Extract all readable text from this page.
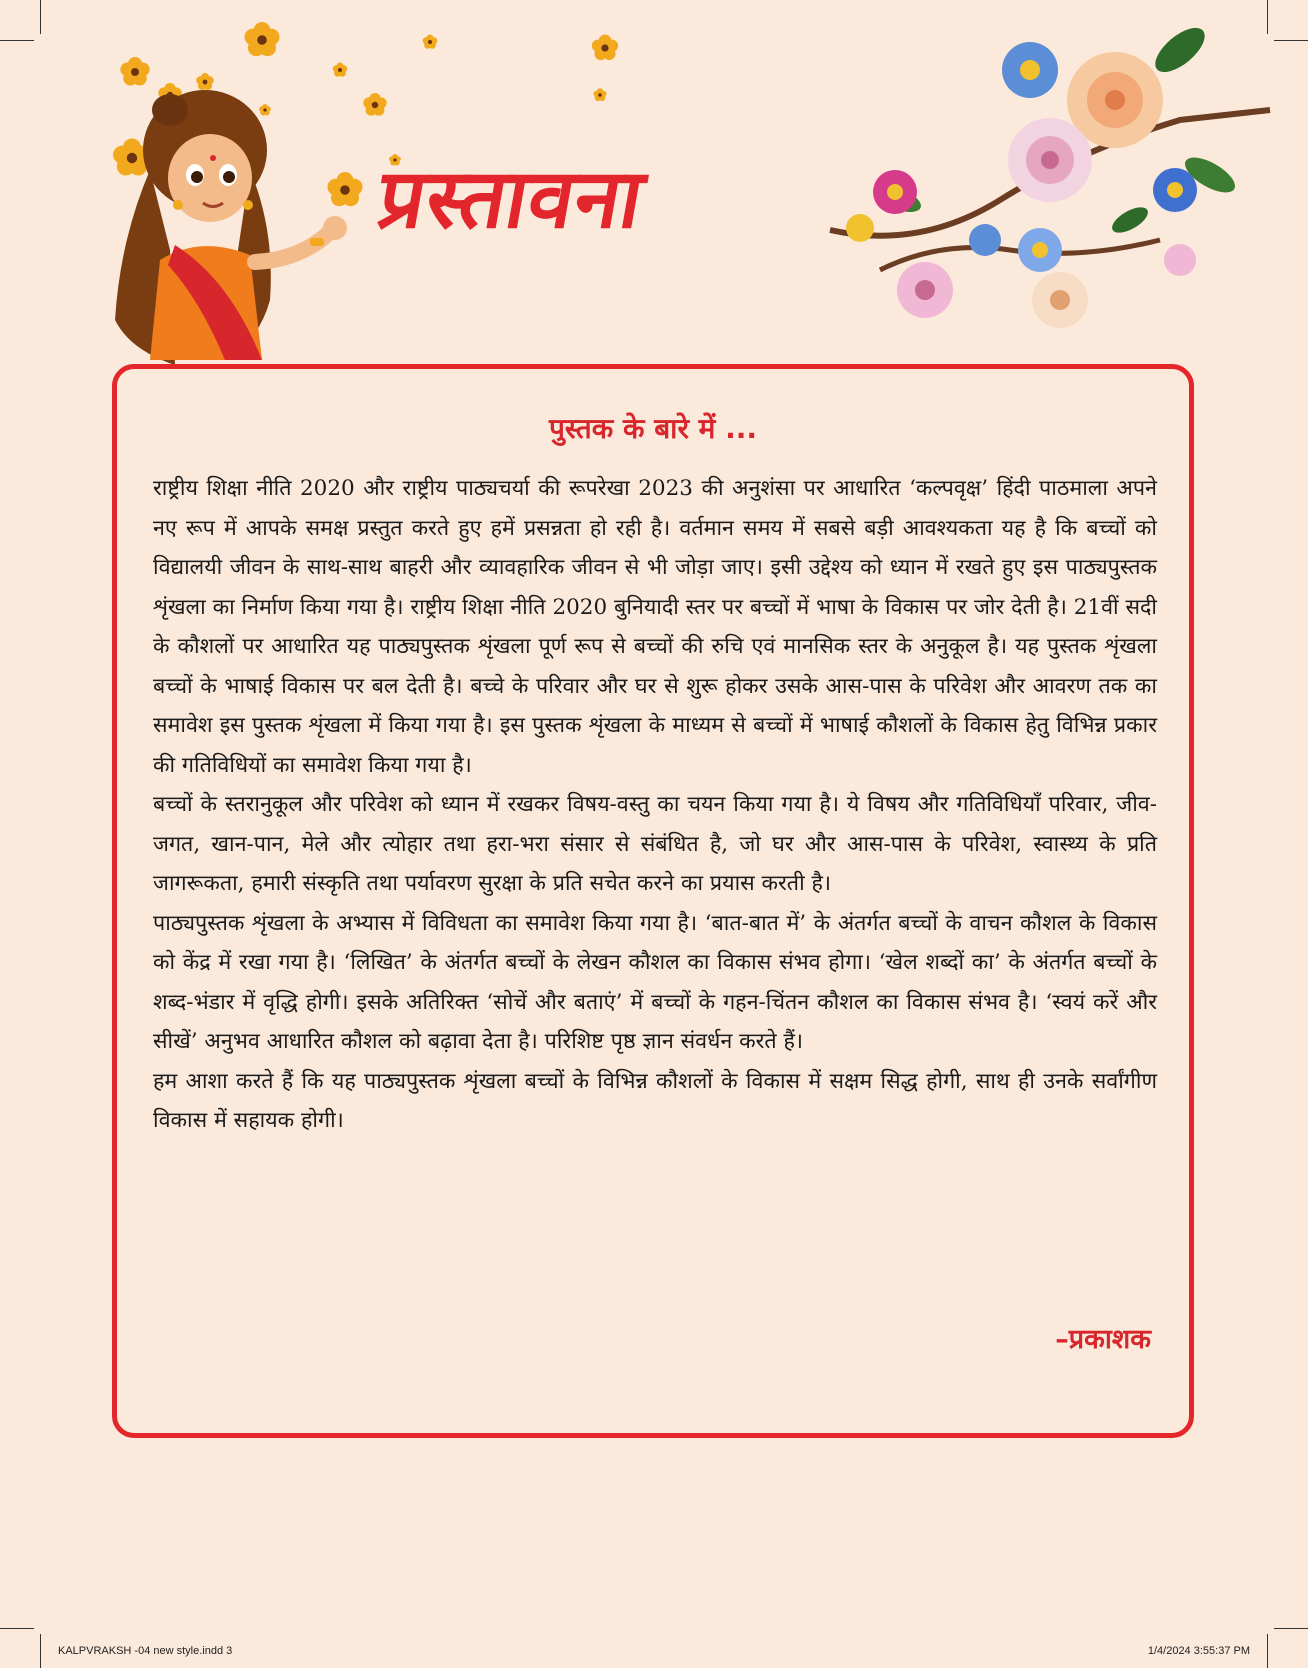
प्रस्तावना
पुस्तक के बारे में ...

राष्ट्रीय शिक्षा नीति 2020 और राष्ट्रीय पाठ्यचर्या की रूपरेखा 2023 की अनुशंसा पर आधारित ‘कल्पवृक्ष’ हिंदी पाठमाला अपने नए रूप में आपके समक्ष प्रस्तुत करते हुए हमें प्रसन्नता हो रही है। वर्तमान समय में सबसे बड़ी आवश्यकता यह है कि बच्चों को विद्यालयी जीवन के साथ-साथ बाहरी और व्यावहारिक जीवन से भी जोड़ा जाए। इसी उद्देश्य को ध्यान में रखते हुए इस पाठ्यपुस्तक शृंखला का निर्माण किया गया है। राष्ट्रीय शिक्षा नीति 2020 बुनियादी स्तर पर बच्चों में भाषा के विकास पर जोर देती है। 21वीं सदी के कौशलों पर आधारित यह पाठ्यपुस्तक शृंखला पूर्ण रूप से बच्चों की रुचि एवं मानसिक स्तर के अनुकूल है। यह पुस्तक शृंखला बच्चों के भाषाई विकास पर बल देती है। बच्चे के परिवार और घर से शुरू होकर उसके आस-पास के परिवेश और आवरण तक का समावेश इस पुस्तक शृंखला में किया गया है। इस पुस्तक शृंखला के माध्यम से बच्चों में भाषाई कौशलों के विकास हेतु विभिन्न प्रकार की गतिविधियों का समावेश किया गया है।

बच्चों के स्तरानुकूल और परिवेश को ध्यान में रखकर विषय-वस्तु का चयन किया गया है। ये विषय और गतिविधियाँ परिवार, जीव-जगत, खान-पान, मेले और त्योहार तथा हरा-भरा संसार से संबंधित है, जो घर और आस-पास के परिवेश, स्वास्थ्य के प्रति जागरूकता, हमारी संस्कृति तथा पर्यावरण सुरक्षा के प्रति सचेत करने का प्रयास करती है।

पाठ्यपुस्तक शृंखला के अभ्यास में विविधता का समावेश किया गया है। ‘बात-बात में’ के अंतर्गत बच्चों के वाचन कौशल के विकास को केंद्र में रखा गया है। ‘लिखित’ के अंतर्गत बच्चों के लेखन कौशल का विकास संभव होगा। ‘खेल शब्दों का’ के अंतर्गत बच्चों के शब्द-भंडार में वृद्धि होगी। इसके अतिरिक्त ‘सोचें और बताएं’ में बच्चों के गहन-चिंतन कौशल का विकास संभव है। ‘स्वयं करें और सीखें’ अनुभव आधारित कौशल को बढ़ावा देता है। परिशिष्ट पृष्ठ ज्ञान संवर्धन करते हैं।

हम आशा करते हैं कि यह पाठ्यपुस्तक शृंखला बच्चों के विभिन्न कौशलों के विकास में सक्षम सिद्ध होगी, साथ ही उनके सर्वांगीण विकास में सहायक होगी।

–प्रकाशक
KALPVRAKSH -04 new style.indd 3	1/4/2024 3:55:37 PM
